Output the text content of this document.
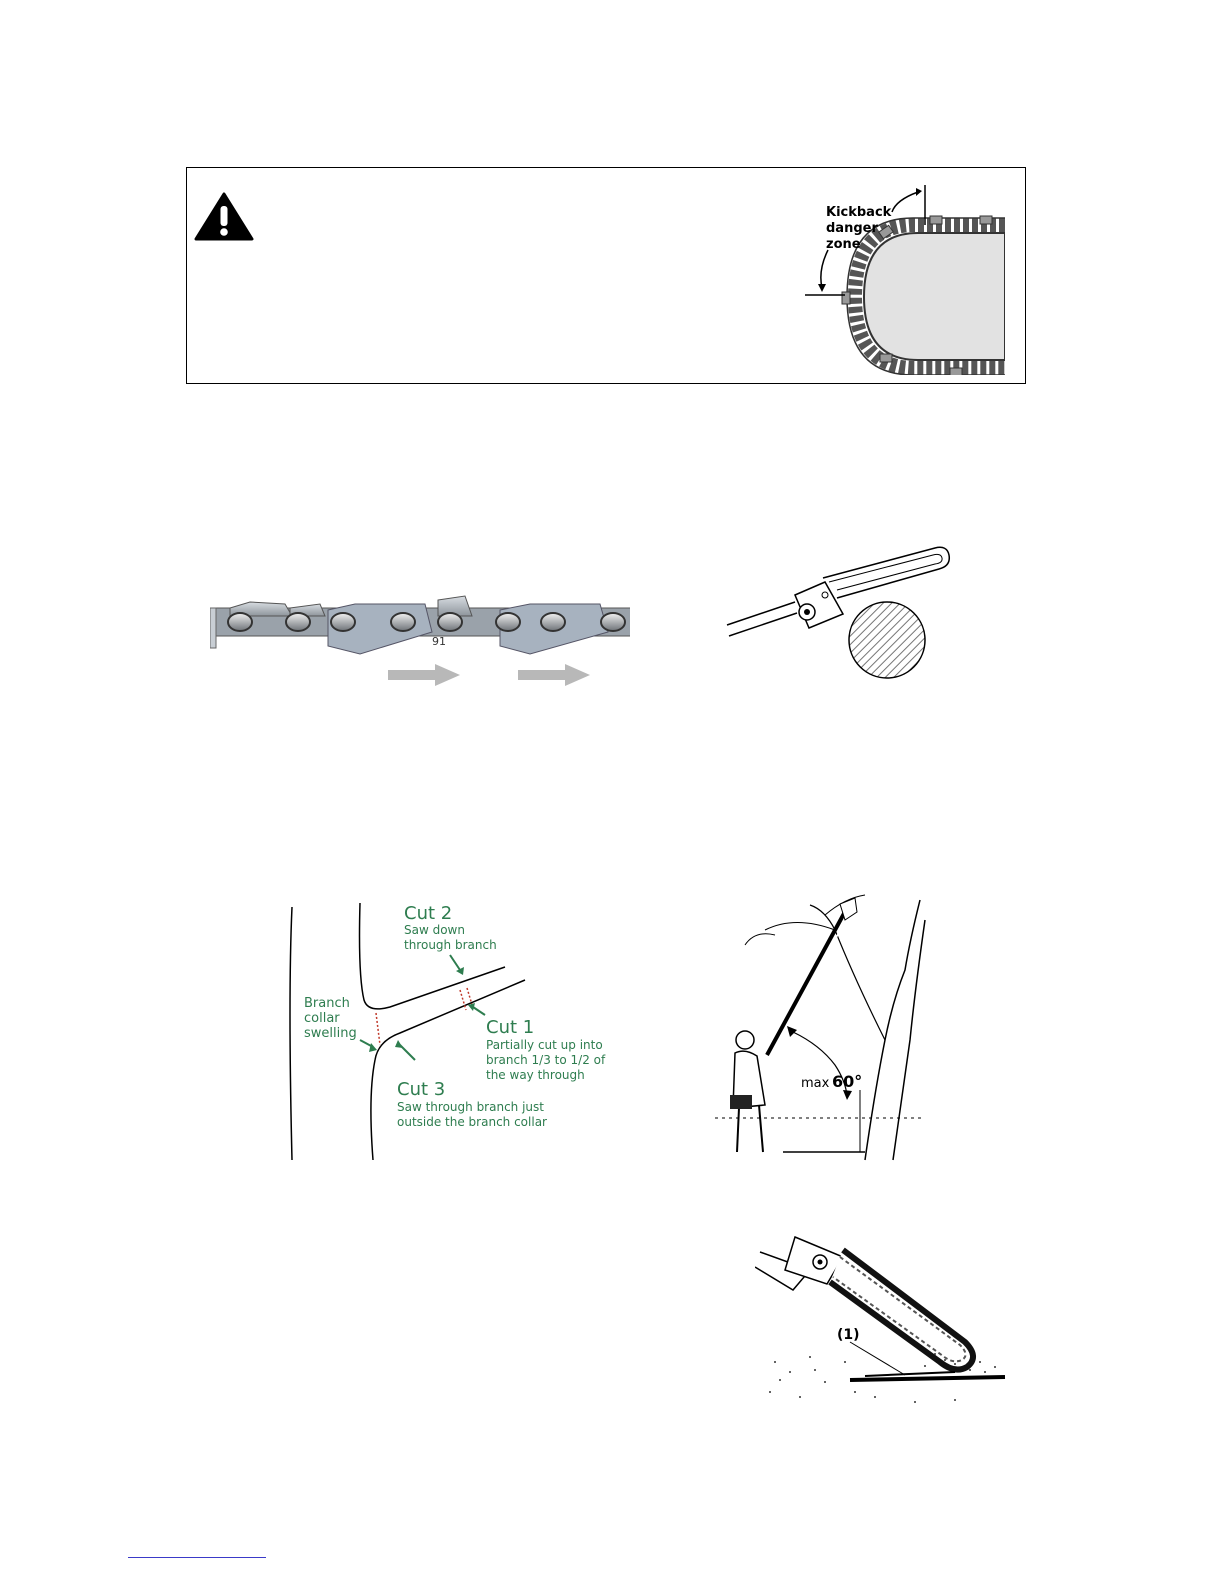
Kickback
danger
zone
91
Branch
collar
swelling
Cut 2
Saw down
through branch
Cut 1
Partially cut up into
branch 1/3 to 1/2 of
the way through
Cut 3
Saw through branch just
outside the branch collar
max 60°
(1)
